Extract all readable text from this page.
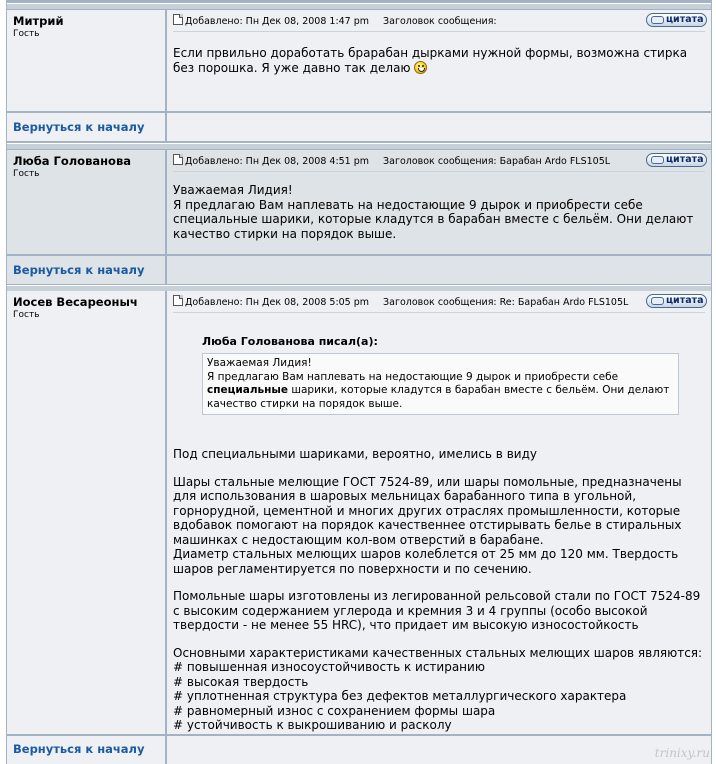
Митрий
Гость
Добавлено: Пн Дек 08, 2008 1:47 pm Заголовок сообщения:	цитата
Если првильно доработать брарабан дырками нужной формы, возможна стирка без порошка. Я уже давно так делаю
Вернуться к началу
Люба Голованова
Гость
Добавлено: Пн Дек 08, 2008 4:51 pm Заголовок сообщения: Барабан Ardo FLS105L	цитата
Уважаемая Лидия!
Я предлагаю Вам наплевать на недостающие 9 дырок и приобрести себе специальные шарики, которые кладутся в барабан вместе с бельём. Они делают качество стирки на порядок выше.
Вернуться к началу
Иосев Весареоныч
Гость
Добавлено: Пн Дек 08, 2008 5:05 pm Заголовок сообщения: Re: Барабан Ardo FLS105L	цитата
Люба Голованова писал(а):
Уважаемая Лидия!
Я предлагаю Вам наплевать на недостающие 9 дырок и приобрести себе
специальные шарики, которые кладутся в барабан вместе с бельём. Они делают качество стирки на порядок выше.
Под специальными шариками, вероятно, имелись в виду
Шары стальные мелющие ГОСТ 7524-89, или шары помольные, предназначены для использования в шаровых мельницах барабанного типа в угольной, горнорудной, цементной и многих других отраслях промышленности, которые вдобавок помогают на порядок качественнее отстирывать белье в стиральных машинках с недостающим кол-вом отверстий в барабане.
Диаметр стальных мелющих шаров колеблется от 25 мм до 120 мм. Твердость шаров регламентируется по поверхности и по сечению.
Помольные шары изготовлены из легированной рельсовой стали по ГОСТ 7524-89 с высоким содержанием углерода и кремния 3 и 4 группы (особо высокой твердости - не менее 55 HRC), что придает им высокую износостойкость
Основными характеристиками качественных стальных мелющих шаров являются:
# повышенная износоустойчивость к истиранию
# высокая твердость
# уплотненная структура без дефектов металлургического характера
# равномерный износ с сохранением формы шара
# устойчивость к выкрошиванию и расколу
Вернуться к началу	trinixy.ru
